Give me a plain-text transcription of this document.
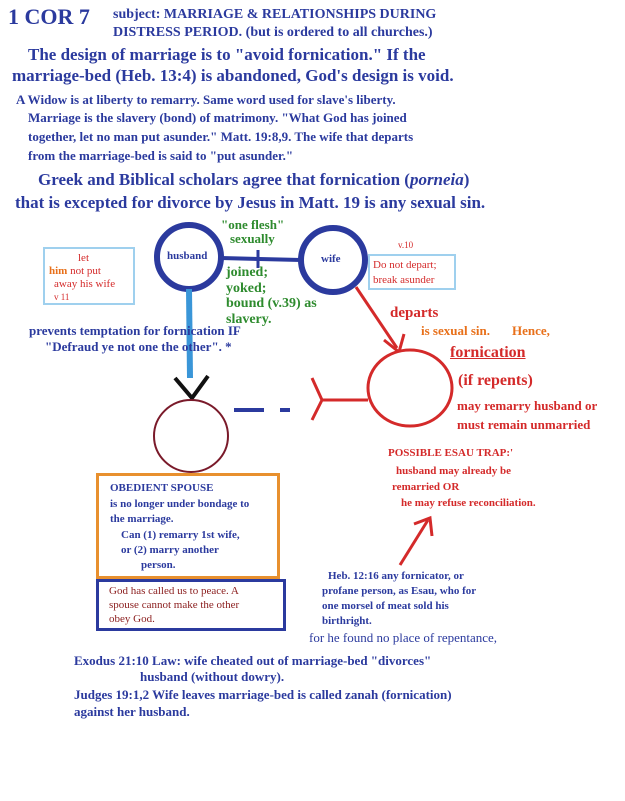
1 COR 7 subject: MARRIAGE & RELATIONSHIPS DURING
DISTRESS PERIOD. (but is ordered to all churches.)
The design of marriage is to "avoid fornication." If the
marriage-bed (Heb. 13:4) is abandoned, God's design is void.
A Widow is at liberty to remarry. Same word used for slave's liberty.
Marriage is the slavery (bond) of matrimony. "What God has joined
together, let no man put asunder." Matt. 19:8,9. The wife that departs
from the marriage-bed is said to "put asunder."
Greek and Biblical scholars agree that fornication (porneia)
that is excepted for divorce by Jesus in Matt. 19 is any sexual sin.
husband	wife
"one flesh"
sexually
joined;
yoked;
bound (v.39) as
slavery.
let
him not put
away his wife
v 11
v.10
Do not depart;
break asunder
prevents temptation for fornication IF
"Defraud ye not one the other". *
departs
is sexual sin. Hence,
fornication
(if repents)
may remarry husband or
must remain unmarried
POSSIBLE ESAU TRAP:'
husband may already be
remarried OR
he may refuse reconciliation.
OBEDIENT SPOUSE
is no longer under bondage to
the marriage.
Can (1) remarry 1st wife,
or (2) marry another
person.
God has called us to peace. A
spouse cannot make the other
obey God.
Heb. 12:16 any fornicator, or
profane person, as Esau, who for
one morsel of meat sold his
birthright.
for he found no place of repentance,
Exodus 21:10 Law: wife cheated out of marriage-bed "divorces"
husband (without dowry).
Judges 19:1,2 Wife leaves marriage-bed is called zanah (fornication)
against her husband.
